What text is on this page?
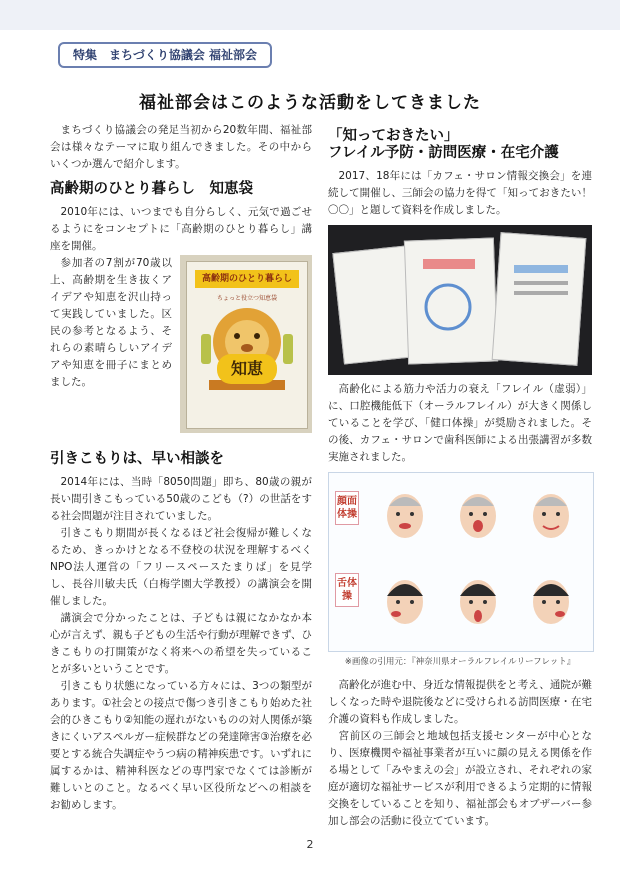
特集　まちづくり協議会 福祉部会
福祉部会はこのような活動をしてきました

まちづくり協議会の発足当初から20数年間、福祉部会は様々なテーマに取り組んできました。その中からいくつか選んで紹介します。

高齢期のひとり暮らし　知恵袋

2010年には、いつまでも自分らしく、元気で過ごせるようにをコンセプトに「高齢期のひとり暮らし」講座を開催。

高齢期のひとり暮らし
ちょっと役立つ知恵袋
知恵

参加者の7割が70歳以上、高齢期を生き抜くアイデアや知恵を沢山持って実践していました。区民の参考となるよう、それらの素晴らしいアイデアや知恵を冊子にまとめました。

引きこもりは、早い相談を

2014年には、当時「8050問題」即ち、80歳の親が長い間引きこもっている50歳のこども（?）の世話をする社会問題が注目されていました。

引きこもり期間が長くなるほど社会復帰が難しくなるため、きっかけとなる不登校の状況を理解するべくNPO法人運営の「フリースペースたまりば」を見学し、長谷川敏夫氏（白梅学園大学教授）の講演会を開催しました。

講演会で分かったことは、子どもは親になかなか本心が言えず、親も子どもの生活や行動が理解できず、ひきこもりの打開策がなく将来への希望を失っていることが多いということです。

引きこもり状態になっている方々には、3つの類型があります。①社会との接点で傷つき引きこもり始めた社会的ひきこもり②知能の遅れがないものの対人関係が築きにくいアスペルガー症候群などの発達障害③治療を必要とする統合失調症やうつ病の精神疾患です。いずれに属するかは、精神科医などの専門家でなくては診断が難しいとのこと。なるべく早い区役所などへの相談をお勧めします。

「知っておきたい」
フレイル予防・訪問医療・在宅介護

2017、18年には「カフェ・サロン情報交換会」を連続して開催し、三師会の協力を得て「知っておきたい！〇〇」と題して資料を作成しました。

高齢化による筋力や活力の衰え「フレイル（虚弱）」に、口腔機能低下（オーラルフレイル）が大きく関係していることを学び、「健口体操」が奨励されました。その後、カフェ・サロンで歯科医師による出張講習が多数実施されました。

顔面体操
舌体操
※画像の引用元：『神奈川県オーラルフレイルリーフレット』

高齢化が進む中、身近な情報提供をと考え、通院が難しくなった時や退院後などに受けられる訪問医療・在宅介護の資料も作成しました。

宮前区の三師会と地域包括支援センターが中心となり、医療機関や福祉事業者が互いに顔の見える関係を作る場として「みやまえの会」が設立され、それぞれの家庭が適切な福祉サービスが利用できるよう定期的に情報交換をしていることを知り、福祉部会もオブザーバー参加し部会の活動に役立てています。

2
